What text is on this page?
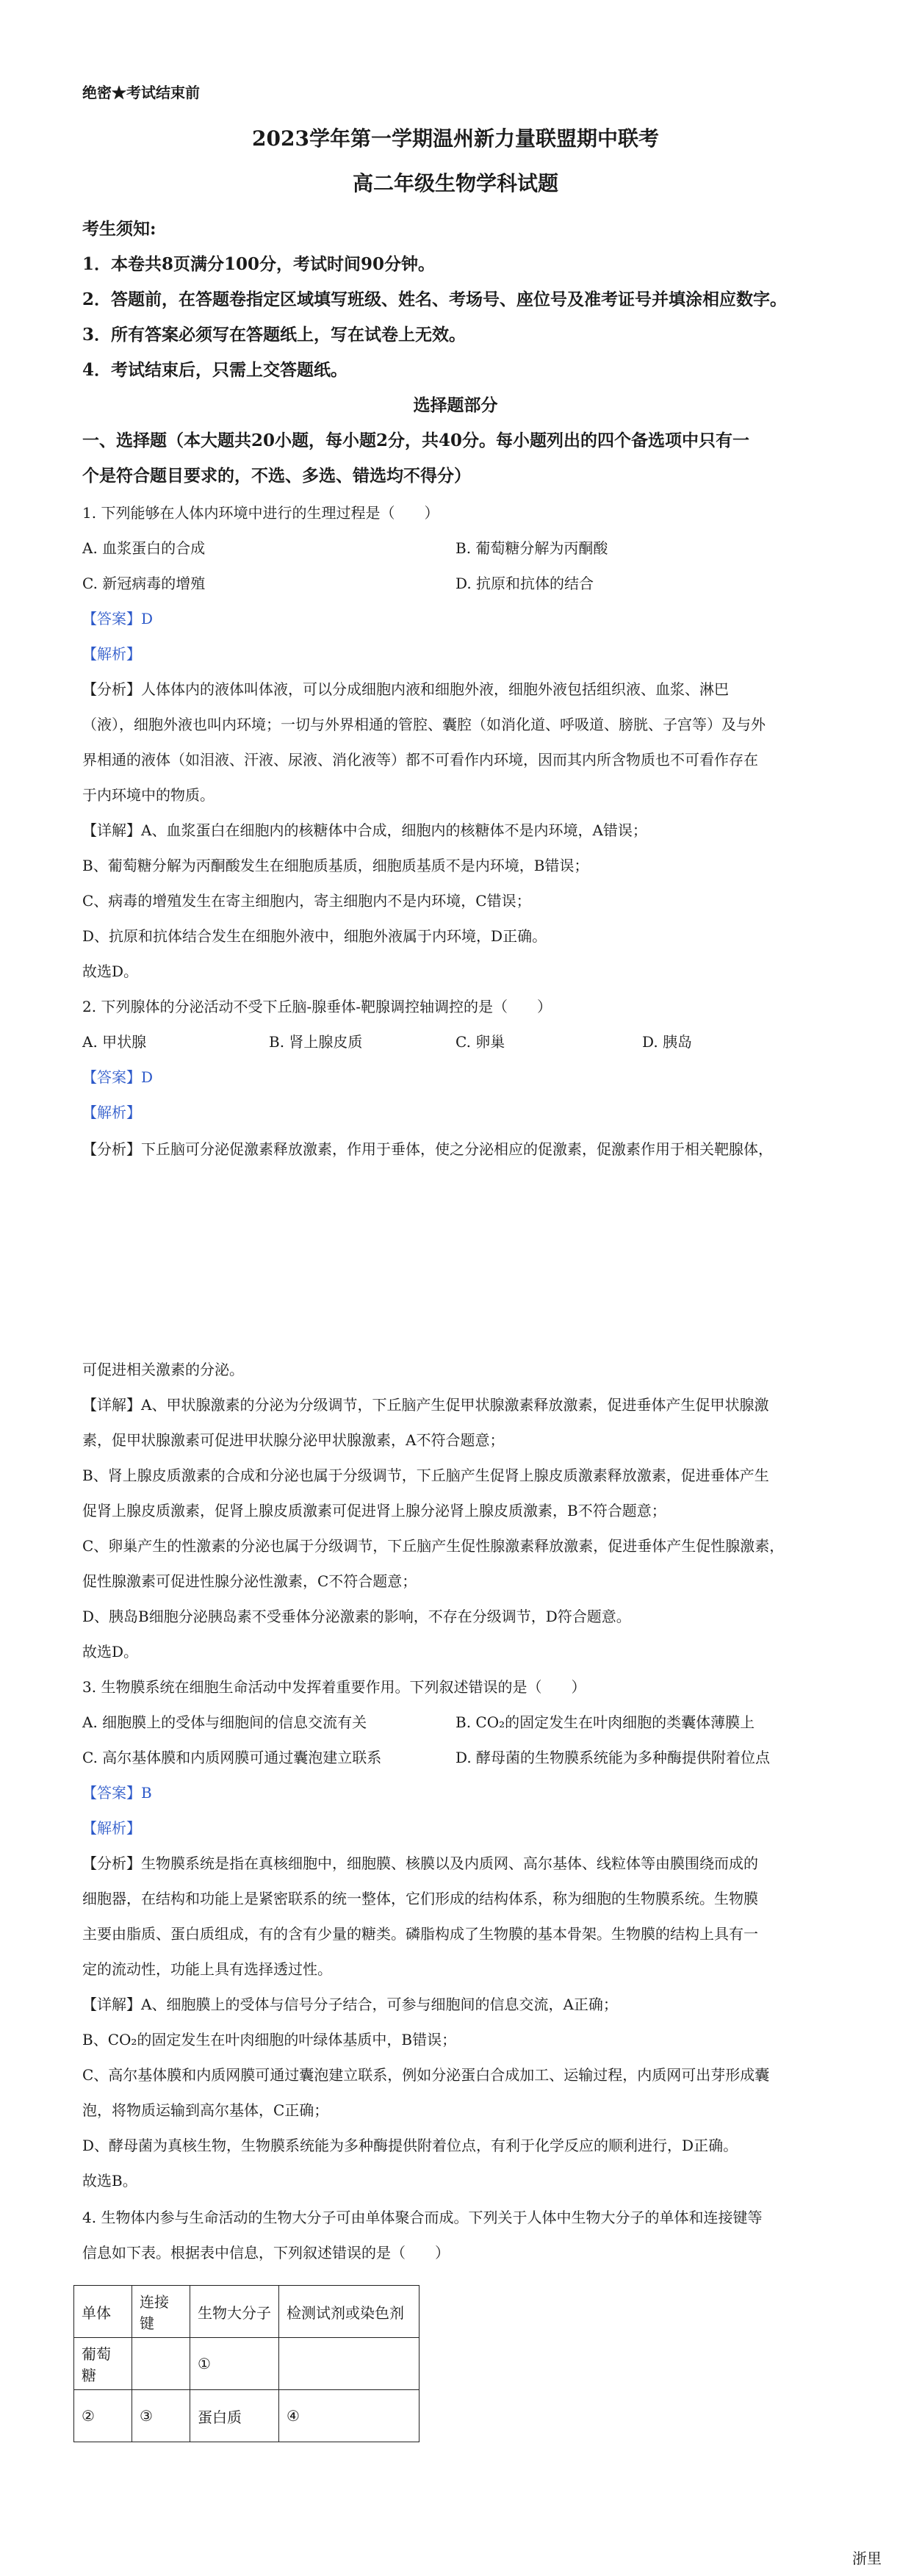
绝密★考试结束前
2023学年第一学期温州新力量联盟期中联考
高二年级生物学科试题
考生须知:
1．本卷共8页满分100分，考试时间90分钟。
2．答题前，在答题卷指定区域填写班级、姓名、考场号、座位号及准考证号并填涂相应数字。
3．所有答案必须写在答题纸上，写在试卷上无效。
4．考试结束后，只需上交答题纸。
选择题部分
一、选择题（本大题共20小题，每小题2分，共40分。每小题列出的四个备选项中只有一
个是符合题目要求的，不选、多选、错选均不得分）
1. 下列能够在人体内环境中进行的生理过程是（　　）
A. 血浆蛋白的合成	B. 葡萄糖分解为丙酮酸
C. 新冠病毒的增殖	D. 抗原和抗体的结合
【答案】D
【解析】
【分析】人体体内的液体叫体液，可以分成细胞内液和细胞外液，细胞外液包括组织液、血浆、淋巴
（液），细胞外液也叫内环境；一切与外界相通的管腔、囊腔（如消化道、呼吸道、膀胱、子宫等）及与外
界相通的液体（如泪液、汗液、尿液、消化液等）都不可看作内环境，因而其内所含物质也不可看作存在
于内环境中的物质。
【详解】A、血浆蛋白在细胞内的核糖体中合成，细胞内的核糖体不是内环境，A错误；
B、葡萄糖分解为丙酮酸发生在细胞质基质，细胞质基质不是内环境，B错误；
C、病毒的增殖发生在寄主细胞内，寄主细胞内不是内环境，C错误；
D、抗原和抗体结合发生在细胞外液中，细胞外液属于内环境，D正确。
故选D。
2. 下列腺体的分泌活动不受下丘脑-腺垂体-靶腺调控轴调控的是（　　）
A. 甲状腺	B. 肾上腺皮质	C. 卵巢	D. 胰岛
【答案】D
【解析】
【分析】下丘脑可分泌促激素释放激素，作用于垂体，使之分泌相应的促激素，促激素作用于相关靶腺体，
可促进相关激素的分泌。
【详解】A、甲状腺激素的分泌为分级调节，下丘脑产生促甲状腺激素释放激素，促进垂体产生促甲状腺激
素，促甲状腺激素可促进甲状腺分泌甲状腺激素，A不符合题意；
B、肾上腺皮质激素的合成和分泌也属于分级调节，下丘脑产生促肾上腺皮质激素释放激素，促进垂体产生
促肾上腺皮质激素，促肾上腺皮质激素可促进肾上腺分泌肾上腺皮质激素，B不符合题意；
C、卵巢产生的性激素的分泌也属于分级调节，下丘脑产生促性腺激素释放激素，促进垂体产生促性腺激素，
促性腺激素可促进性腺分泌性激素，C不符合题意；
D、胰岛B细胞分泌胰岛素不受垂体分泌激素的影响，不存在分级调节，D符合题意。
故选D。
3. 生物膜系统在细胞生命活动中发挥着重要作用。下列叙述错误的是（　　）
A. 细胞膜上的受体与细胞间的信息交流有关	B. CO₂的固定发生在叶肉细胞的类囊体薄膜上
C. 高尔基体膜和内质网膜可通过囊泡建立联系	D. 酵母菌的生物膜系统能为多种酶提供附着位点
【答案】B
【解析】
【分析】生物膜系统是指在真核细胞中，细胞膜、核膜以及内质网、高尔基体、线粒体等由膜围绕而成的
细胞器，在结构和功能上是紧密联系的统一整体，它们形成的结构体系，称为细胞的生物膜系统。生物膜
主要由脂质、蛋白质组成，有的含有少量的糖类。磷脂构成了生物膜的基本骨架。生物膜的结构上具有一
定的流动性，功能上具有选择透过性。
【详解】A、细胞膜上的受体与信号分子结合，可参与细胞间的信息交流，A正确；
B、CO₂的固定发生在叶肉细胞的叶绿体基质中，B错误；
C、高尔基体膜和内质网膜可通过囊泡建立联系，例如分泌蛋白合成加工、运输过程，内质网可出芽形成囊
泡，将物质运输到高尔基体，C正确；
D、酵母菌为真核生物，生物膜系统能为多种酶提供附着位点，有利于化学反应的顺利进行，D正确。
故选B。
4. 生物体内参与生命活动的生物大分子可由单体聚合而成。下列关于人体中生物大分子的单体和连接键等
信息如下表。根据表中信息，下列叙述错误的是（　　）
单体	连接键	生物大分子	检测试剂或染色剂
葡萄糖		①	
②	③	蛋白质	④
浙里
